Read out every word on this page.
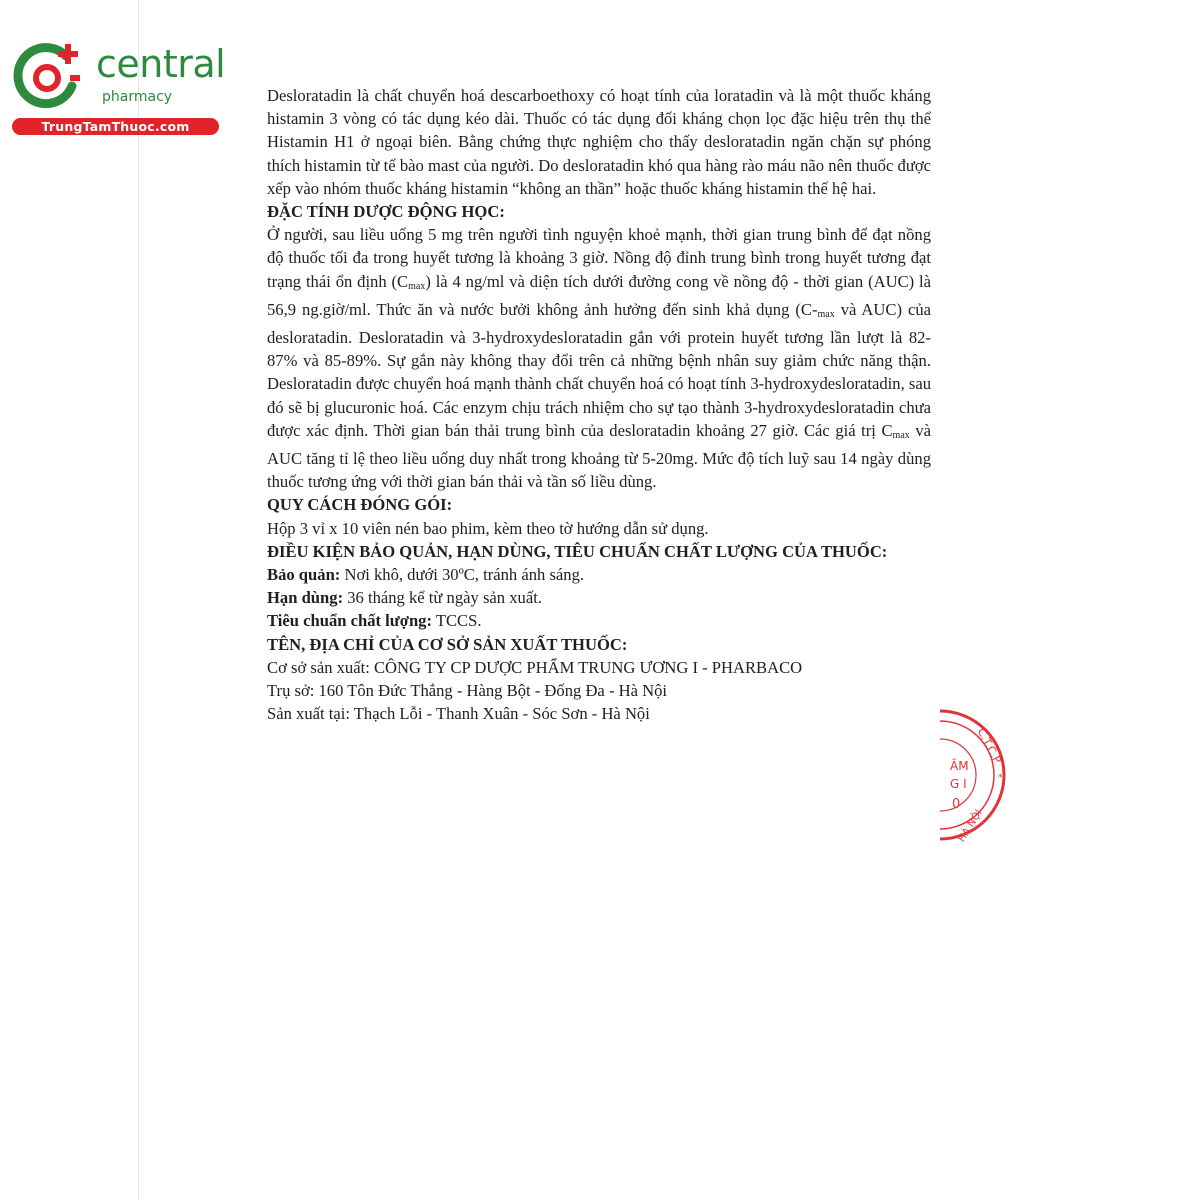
central
pharmacy
TrungTamThuoc.com

Desloratadin là chất chuyển hoá descarboethoxy có hoạt tính của loratadin và là một thuốc kháng histamin 3 vòng có tác dụng kéo dài. Thuốc có tác dụng đối kháng chọn lọc đặc hiệu trên thụ thể Histamin H1 ở ngoại biên. Bằng chứng thực nghiệm cho thấy desloratadin ngăn chặn sự phóng thích histamin từ tế bào mast của người. Do desloratadin khó qua hàng rào máu não nên thuốc được xếp vào nhóm thuốc kháng histamin “không an thần” hoặc thuốc kháng histamin thế hệ hai.

ĐẶC TÍNH DƯỢC ĐỘNG HỌC:

Ở người, sau liều uống 5 mg trên người tình nguyện khoẻ mạnh, thời gian trung bình để đạt nồng độ thuốc tối đa trong huyết tương là khoảng 3 giờ. Nồng độ đỉnh trung bình trong huyết tương đạt trạng thái ổn định $(C_{max})$ là 4 ng/ml và diện tích dưới đường cong về nồng độ - thời gian (AUC) là 56,9 ng.giờ/ml. Thức ăn và nước bưởi không ảnh hưởng đến sinh khả dụng ($C-_{max}$ và AUC) của desloratadin. Desloratadin và 3-hydroxydesloratadin gắn với protein huyết tương lần lượt là 82-87% và 85-89%. Sự gắn này không thay đổi trên cả những bệnh nhân suy giảm chức năng thận. Desloratadin được chuyển hoá mạnh thành chất chuyển hoá có hoạt tính 3-hydroxydesloratadin, sau đó sẽ bị glucuronic hoá. Các enzym chịu trách nhiệm cho sự tạo thành 3-hydroxydesloratadin chưa được xác định. Thời gian bán thải trung bình của desloratadin khoảng 27 giờ. Các giá trị $C_{max}$ và AUC tăng tỉ lệ theo liều uống duy nhất trong khoảng từ 5-20mg. Mức độ tích luỹ sau 14 ngày dùng thuốc tương ứng với thời gian bán thải và tần số liều dùng.

QUY CÁCH ĐÓNG GÓI:
Hộp 3 vỉ x 10 viên nén bao phim, kèm theo tờ hướng dẫn sử dụng.
ĐIỀU KIỆN BẢO QUẢN, HẠN DÙNG, TIÊU CHUẨN CHẤT LƯỢNG CỦA THUỐC:
Bảo quản: Nơi khô, dưới 30ºC, tránh ánh sáng.
Hạn dùng: 36 tháng kể từ ngày sản xuất.
Tiêu chuẩn chất lượng: TCCS.
TÊN, ĐỊA CHỈ CỦA CƠ SỞ SẢN XUẤT THUỐC:
Cơ sở sản xuất: CÔNG TY CP DƯỢC PHẨM TRUNG ƯƠNG I - PHARBACO
Trụ sở: 160 Tôn Đức Thắng - Hàng Bột - Đống Đa - Hà Nội
Sản xuất tại: Thạch Lỗi - Thanh Xuân - Sóc Sơn - Hà Nội
C.T.C.P
ÂM
G I
0
HÀ NỘI
*
